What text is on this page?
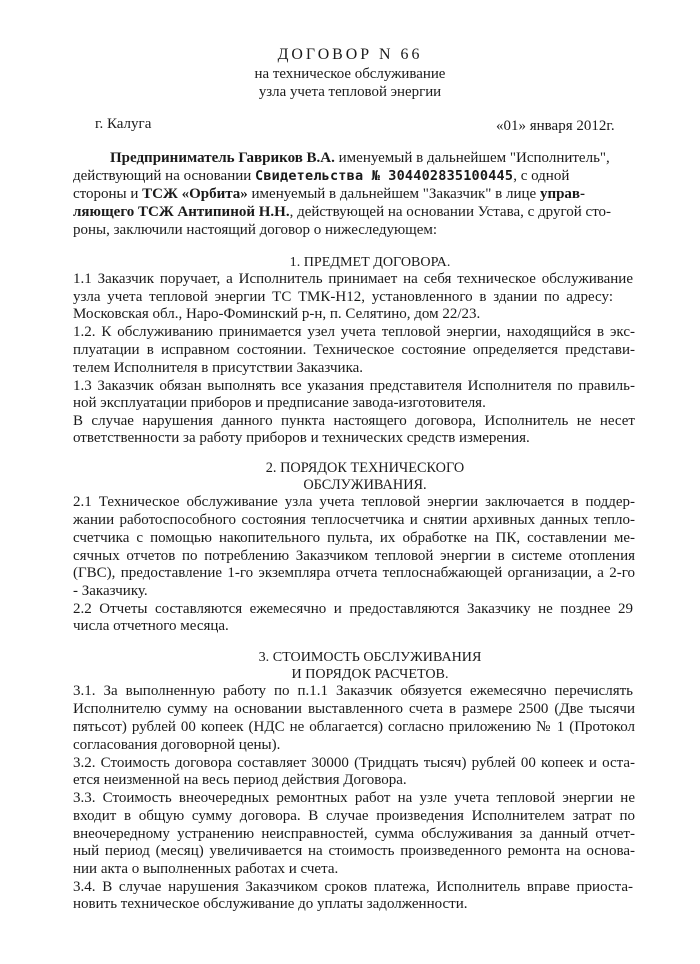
ДОГОВОР N 66
на техническое обслуживание
узла учета тепловой энергии
г. Калуга	«01» января 2012г.
Предприниматель Гавриков В.А. именуемый в дальнейшем "Исполнитель",
действующий на основании Свидетельства № 304402835100445, с одной
стороны и ТСЖ «Орбита» именуемый в дальнейшем "Заказчик" в лице управ-
ляющего ТСЖ Антипиной Н.Н., действующей на основании Устава, с другой сто-
роны, заключили настоящий договор о нижеследующем:
1. ПРЕДМЕТ ДОГОВОРА.
1.1 Заказчик поручает, а Исполнитель принимает на себя техническое обслуживание
узла учета тепловой энергии ТС ТМК-Н12, установленного в здании по адресу:
Московская обл., Наро-Фоминский р-н, п. Селятино, дом 22/23.
1.2. К обслуживанию принимается узел учета тепловой энергии, находящийся в экс-
плуатации в исправном состоянии. Техническое состояние определяется представи-
телем Исполнителя в присутствии Заказчика.
1.3 Заказчик обязан выполнять все указания представителя Исполнителя по правиль-
ной эксплуатации приборов и предписание завода-изготовителя.
В случае нарушения данного пункта настоящего договора, Исполнитель не несет
ответственности за работу приборов и технических средств измерения.
2. ПОРЯДОК ТЕХНИЧЕСКОГО
ОБСЛУЖИВАНИЯ.
2.1 Техническое обслуживание узла учета тепловой энергии заключается в поддер-
жании работоспособного состояния теплосчетчика и снятии архивных данных тепло-
счетчика с помощью накопительного пульта, их обработке на ПК, составлении ме-
сячных отчетов по потреблению Заказчиком тепловой энергии в системе отопления
(ГВС), предоставление 1-го экземпляра отчета теплоснабжающей организации, а 2-го
- Заказчику.
2.2 Отчеты составляются ежемесячно и предоставляются Заказчику не позднее 29
числа отчетного месяца.
3. СТОИМОСТЬ ОБСЛУЖИВАНИЯ
И ПОРЯДОК РАСЧЕТОВ.
3.1. За выполненную работу по п.1.1 Заказчик обязуется ежемесячно перечислять
Исполнителю сумму на основании выставленного счета в размере 2500 (Две тысячи
пятьсот) рублей 00 копеек (НДС не облагается) согласно приложению № 1 (Протокол
согласования договорной цены).
3.2. Стоимость договора составляет 30000 (Тридцать тысяч) рублей 00 копеек и оста-
ется неизменной на весь период действия Договора.
3.3. Стоимость внеочередных ремонтных работ на узле учета тепловой энергии не
входит в общую сумму договора. В случае произведения Исполнителем затрат по
внеочередному устранению неисправностей, сумма обслуживания за данный отчет-
ный период (месяц) увеличивается на стоимость произведенного ремонта на основа-
нии акта о выполненных работах и счета.
3.4. В случае нарушения Заказчиком сроков платежа, Исполнитель вправе приоста-
новить техническое обслуживание до уплаты задолженности.
